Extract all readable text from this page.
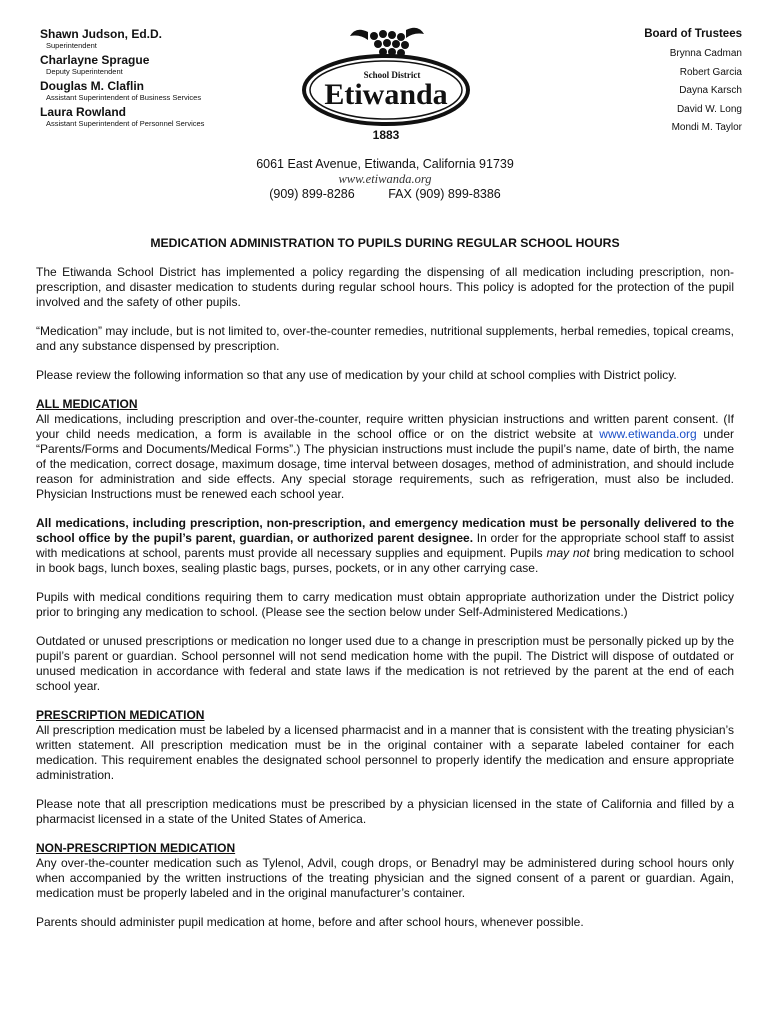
Shawn Judson, Ed.D.
Superintendent
Charlayne Sprague
Deputy Superintendent
Douglas M. Claflin
Assistant Superintendent of Business Services
Laura Rowland
Assistant Superintendent of Personnel Services
School District
Etiwanda
1883
Board of Trustees
Brynna Cadman
Robert Garcia
Dayna Karsch
David W. Long
Mondi M. Taylor
6061 East Avenue, Etiwanda, California 91739
www.etiwanda.org
(909) 899-8286	FAX (909) 899-8386
MEDICATION ADMINISTRATION TO PUPILS DURING REGULAR SCHOOL HOURS

The Etiwanda School District has implemented a policy regarding the dispensing of all medication including prescription, non-prescription, and disaster medication to students during regular school hours. This policy is adopted for the protection of the pupil involved and the safety of other pupils.

“Medication” may include, but is not limited to, over-the-counter remedies, nutritional supplements, herbal remedies, topical creams, and any substance dispensed by prescription.

Please review the following information so that any use of medication by your child at school complies with District policy.

ALL MEDICATION

All medications, including prescription and over-the-counter, require written physician instructions and written parent consent. (If your child needs medication, a form is available in the school office or on the district website at www.etiwanda.org under “Parents/Forms and Documents/Medical Forms”.) The physician instructions must include the pupil’s name, date of birth, the name of the medication, correct dosage, maximum dosage, time interval between dosages, method of administration, and should include reason for administration and side effects. Any special storage requirements, such as refrigeration, must also be included. Physician Instructions must be renewed each school year.

All medications, including prescription, non-prescription, and emergency medication must be personally delivered to the school office by the pupil’s parent, guardian, or authorized parent designee. In order for the appropriate school staff to assist with medications at school, parents must provide all necessary supplies and equipment. Pupils may not bring medication to school in book bags, lunch boxes, sealing plastic bags, purses, pockets, or in any other carrying case.

Pupils with medical conditions requiring them to carry medication must obtain appropriate authorization under the District policy prior to bringing any medication to school. (Please see the section below under Self-Administered Medications.)

Outdated or unused prescriptions or medication no longer used due to a change in prescription must be personally picked up by the pupil’s parent or guardian. School personnel will not send medication home with the pupil. The District will dispose of outdated or unused medication in accordance with federal and state laws if the medication is not retrieved by the parent at the end of each school year.

PRESCRIPTION MEDICATION

All prescription medication must be labeled by a licensed pharmacist and in a manner that is consistent with the treating physician’s written statement. All prescription medication must be in the original container with a separate labeled container for each medication. This requirement enables the designated school personnel to properly identify the medication and ensure appropriate administration.

Please note that all prescription medications must be prescribed by a physician licensed in the state of California and filled by a pharmacist licensed in a state of the United States of America.

NON-PRESCRIPTION MEDICATION

Any over-the-counter medication such as Tylenol, Advil, cough drops, or Benadryl may be administered during school hours only when accompanied by the written instructions of the treating physician and the signed consent of a parent or guardian. Again, medication must be properly labeled and in the original manufacturer’s container.

Parents should administer pupil medication at home, before and after school hours, whenever possible.
